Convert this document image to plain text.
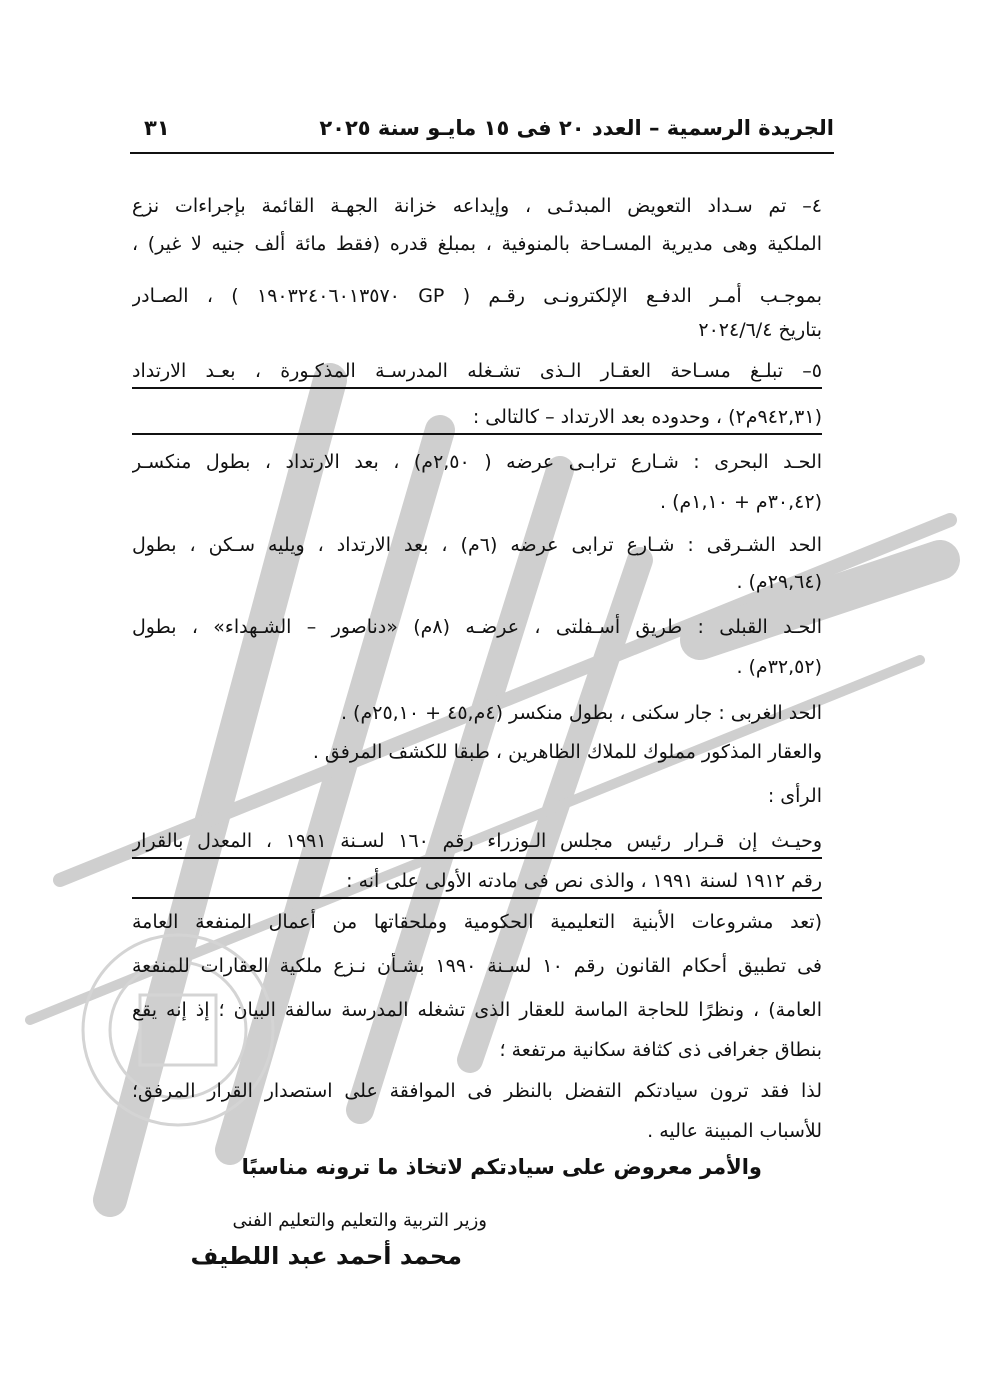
الجريدة الرسمية – العدد ٢٠ فى ١٥ مايـو سنة ٢٠٢٥
٣١
٤– تم سـداد التعويض المبدئـى ، وإيداعه خزانة الجهـة القائمة بإجراءات نزع
الملكية وهى مديرية المسـاحة بالمنوفية ، بمبلغ قدره (فقط مائة ألف جنيه لا غير) ،
بموجـب أمـر الدفـع الإلكترونـى رقـم ( GP ١٩٠٣٢٤٠٦٠١٣٥٧٠ ) ، الصـادر
بتاريخ ٢٠٢٤/٦/٤
٥– تبلـغ مسـاحة العقـار الـذى تشـغله المدرسـة المذكـورة ، بعـد الارتداد
(٩٤٢,٣١م٢) ، وحدوده بعد الارتداد – كالتالى :
الحـد البحرى : شـارع ترابـى عرضه ( ٢,٥٠م) ، بعد الارتداد ، بطول منكسـر
(٣٠,٤٢م + ١,١٠م) .
الحد الشـرقى : شـارع ترابى عرضه (٦م) ، بعد الارتداد ، ويليه سـكن ، بطول
(٢٩,٦٤م) .
الحـد القبلى : طريق أسـفلتى ، عرضـه (٨م) «دناصور – الشـهداء» ، بطول
(٣٢,٥٢م) .
الحد الغربى : جار سكنى ، بطول منكسر (٤م,٤٥ + ٢٥,١٠م) .
والعقار المذكور مملوك للملاك الظاهرين ، طبقا للكشف المرفق .
الرأى :
وحيـث إن قـرار رئيس مجلس الـوزراء رقم ١٦٠ لسـنة ١٩٩١ ، المعدل بالقرار
رقم ١٩١٢ لسنة ١٩٩١ ، والذى نص فى مادته الأولى على أنه :
(تعد مشروعات الأبنية التعليمية الحكومية وملحقاتها من أعمال المنفعة العامة
فى تطبيق أحكام القانون رقم ١٠ لسـنة ١٩٩٠ بشـأن نـزع ملكية العقارات للمنفعة
العامة) ، ونظرًا للحاجة الماسة للعقار الذى تشغله المدرسة سالفة البيان ؛ إذ إنه يقع
بنطاق جغرافى ذى كثافة سكانية مرتفعة ؛
لذا فقد ترون سيادتكم التفضل بالنظر فى الموافقة على استصدار القرار المرفق؛
للأسباب المبينة عاليه .
والأمر معروض على سيادتكم لاتخاذ ما ترونه مناسبًا
وزير التربية والتعليم والتعليم الفنى
محمد أحمد عبد اللطيف
